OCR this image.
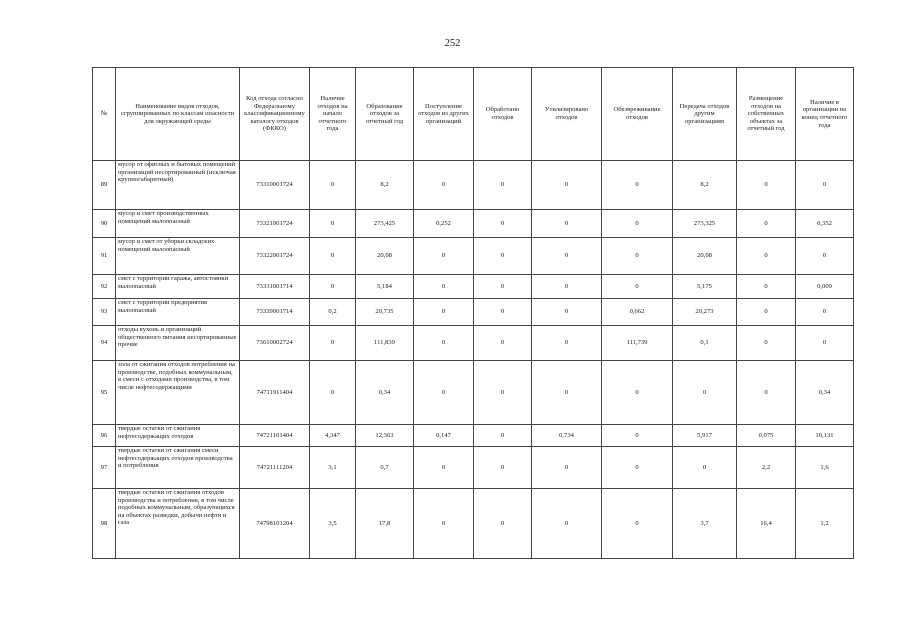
252
№	Наименование видов отходов, сгруппированных по классам опасности для окружающей среды	Код отхода согласно Федеральному классификационному каталогу отходов (ФККО)	Наличие отходов на начало отчетного года	Образование отходов за отчетный год	Поступление отходов из других организаций	Обработано отходов	Утилизировано отходов	Обезвреживание отходов	Передача отходов другим организациям	Размещение отходов на собственных объектах за отчетный год	Наличие в организации на конец отчетного года
89	мусор от офисных и бытовых помещений организаций несортированный (исключая крупногабаритный)	73310001724	0	8,2	0	0	0	0	8,2	0	0
90	мусор и смет производственных помещений малоопасный	73321001724	0	273,425	0,252	0	0	0	273,325	0	0,352
91	мусор и смет от уборки складских помещений малоопасный	73322001724	0	20,08	0	0	0	0	20,08	0	0
92	смет с территории гаража, автостоянки малоопасный	73331001714	0	5,184	0	0	0	0	5,175	0	0,009
93	смет с территории предприятия малоопасный	73339001714	0,2	20,735	0	0	0	0,662	20,273	0	0
94	отходы кухонь и организаций общественного питания несортированные прочие	73610002724	0	111,839	0	0	0	111,739	0,1	0	0
95	зола от сжигания отходов потребления на производстве, подобных коммунальным, в смеси с отходами производства, в том числе нефтесодержащими	74711911404	0	0,34	0	0	0	0	0	0	0,34
96	твердые остатки от сжигания нефтесодержащих отходов	74721101404	4,347	12,363	0,147	0	0,734	0	5,917	0,075	10,131
97	твердые остатки от сжигания смеси нефтесодержащих отходов производства и потребления	74721111204	3,1	0,7	0	0	0	0	0	2,2	1,6
98	твердые остатки от сжигания отходов производства и потребления, в том числе подобных коммунальным, образующихся на объектах разведки, добычи нефти и газа	74798101204	3,5	17,8	0	0	0	0	3,7	16,4	1,2
